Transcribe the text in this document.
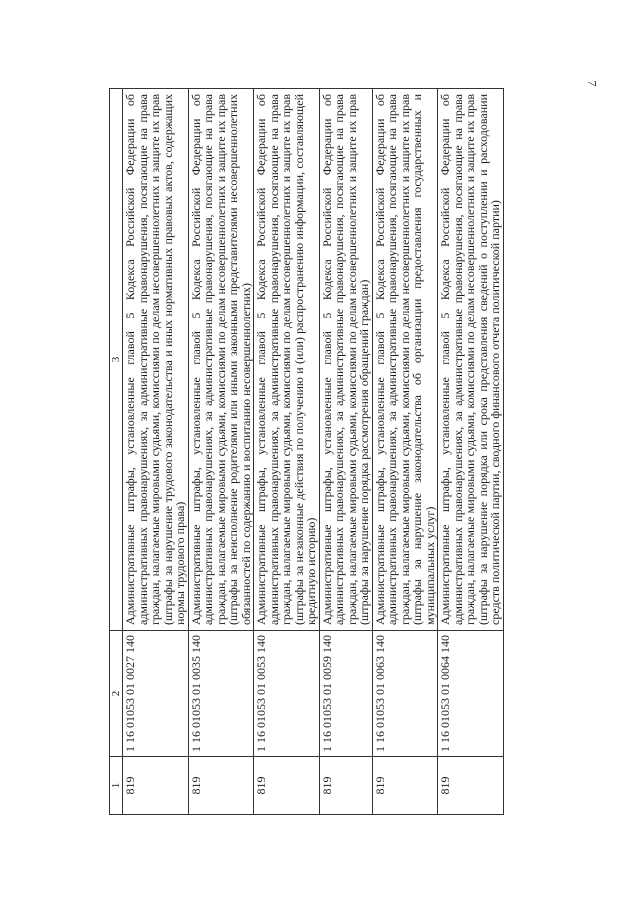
7
1	2	3
819	1 16 01053 01 0027 140	Административные штрафы, установленные главой 5 Кодекса Российской Федерации об административных правонарушениях, за административные правонарушения, посягающие на права граждан, налагаемые мировыми судьями, комиссиями по делам несовершеннолетних и защите их прав (штрафы за нарушение трудового законодательства и иных нормативных правовых актов, содержащих нормы трудового права)
819	1 16 01053 01 0035 140	Административные штрафы, установленные главой 5 Кодекса Российской Федерации об административных правонарушениях, за административные правонарушения, посягающие на права граждан, налагаемые мировыми судьями, комиссиями по делам несовершеннолетних и защите их прав (штрафы за неисполнение родителями или иными законными представителями несовершеннолетних обязанностей по содержанию и воспитанию несовершеннолетних)
819	1 16 01053 01 0053 140	Административные штрафы, установленные главой 5 Кодекса Российской Федерации об административных правонарушениях, за административные правонарушения, посягающие на права граждан, налагаемые мировыми судьями, комиссиями по делам несовершеннолетних и защите их прав (штрафы за незаконные действия по получению и (или) распространению информации, составляющей кредитную историю)
819	1 16 01053 01 0059 140	Административные штрафы, установленные главой 5 Кодекса Российской Федерации об административных правонарушениях, за административные правонарушения, посягающие на права граждан, налагаемые мировыми судьями, комиссиями по делам несовершеннолетних и защите их прав (штрафы за нарушение порядка рассмотрения обращений граждан)
819	1 16 01053 01 0063 140	Административные штрафы, установленные главой 5 Кодекса Российской Федерации об административных правонарушениях, за административные правонарушения, посягающие на права граждан, налагаемые мировыми судьями, комиссиями по делам несовершеннолетних и защите их прав (штрафы за нарушение законодательства об организации предоставления государственных и муниципальных услуг)
819	1 16 01053 01 0064 140	Административные штрафы, установленные главой 5 Кодекса Российской Федерации об административных правонарушениях, за административные правонарушения, посягающие на права граждан, налагаемые мировыми судьями, комиссиями по делам несовершеннолетних и защите их прав (штрафы за нарушение порядка или срока представления сведений о поступлении и расходовании средств политической партии, сводного финансового отчета политической партии)
